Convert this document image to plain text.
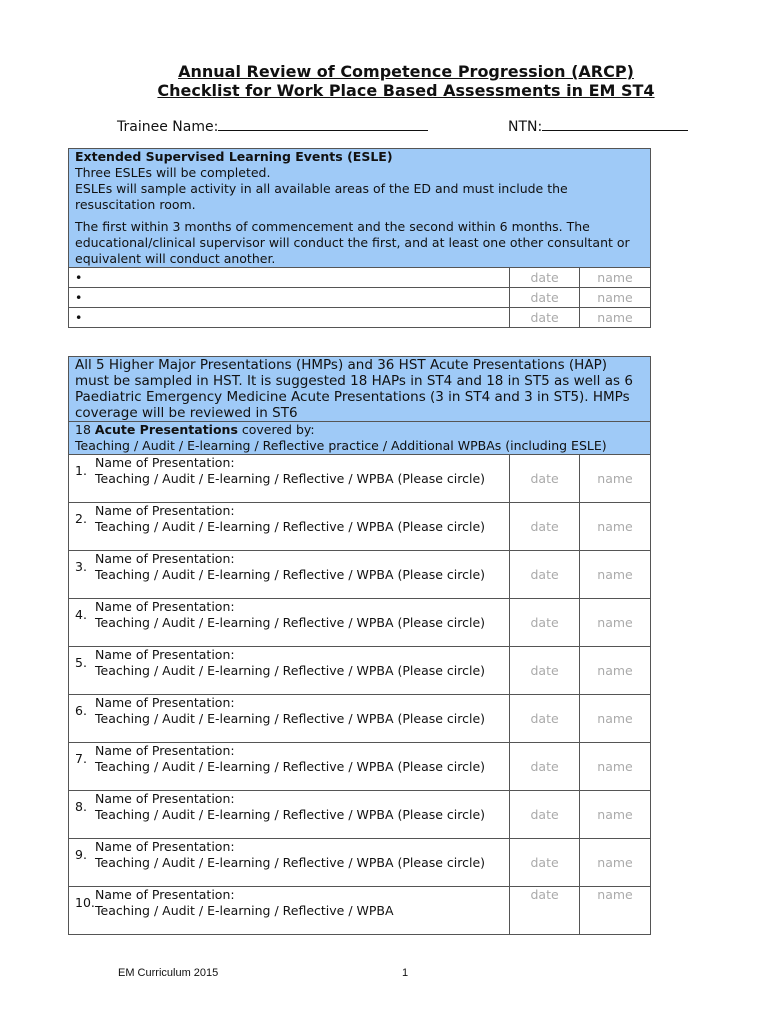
Annual Review of Competence Progression (ARCP)
Checklist for Work Place Based Assessments in EM ST4
Trainee Name:	NTN:

Extended Supervised Learning Events (ESLE)

Three ESLEs will be completed.

ESLEs will sample activity in all available areas of the ED and must include the resuscitation room.

The first within 3 months of commencement and the second within 6 months. The educational/clinical supervisor will conduct the first, and at least one other consultant or equivalent will conduct another.		

•	date	name
•	date	name
•	date	name

All 5 Higher Major Presentations (HMPs) and 36 HST Acute Presentations (HAP) must be sampled in HST. It is suggested 18 HAPs in ST4 and 18 in ST5 as well as 6 Paediatric Emergency Medicine Acute Presentations (3 in ST4 and 3 in ST5). HMPs coverage will be reviewed in ST6		

18 Acute Presentations covered by:

Teaching / Audit / E-learning / Reflective practice / Additional WPBAs (including ESLE)		

1.
Name of Presentation:
Teaching / Audit / E-learning / Reflective / WPBA (Please circle)	date	name

2.
Name of Presentation:
Teaching / Audit / E-learning / Reflective / WPBA (Please circle)	date	name

3.
Name of Presentation:
Teaching / Audit / E-learning / Reflective / WPBA (Please circle)	date	name

4.
Name of Presentation:
Teaching / Audit / E-learning / Reflective / WPBA (Please circle)	date	name

5.
Name of Presentation:
Teaching / Audit / E-learning / Reflective / WPBA (Please circle)	date	name

6.
Name of Presentation:
Teaching / Audit / E-learning / Reflective / WPBA (Please circle)	date	name

7.
Name of Presentation:
Teaching / Audit / E-learning / Reflective / WPBA (Please circle)	date	name

8.
Name of Presentation:
Teaching / Audit / E-learning / Reflective / WPBA (Please circle)	date	name

9.
Name of Presentation:
Teaching / Audit / E-learning / Reflective / WPBA (Please circle)	date	name

10.
Name of Presentation:
Teaching / Audit / E-learning / Reflective / WPBA	date	name
EM Curriculum 2015	1
